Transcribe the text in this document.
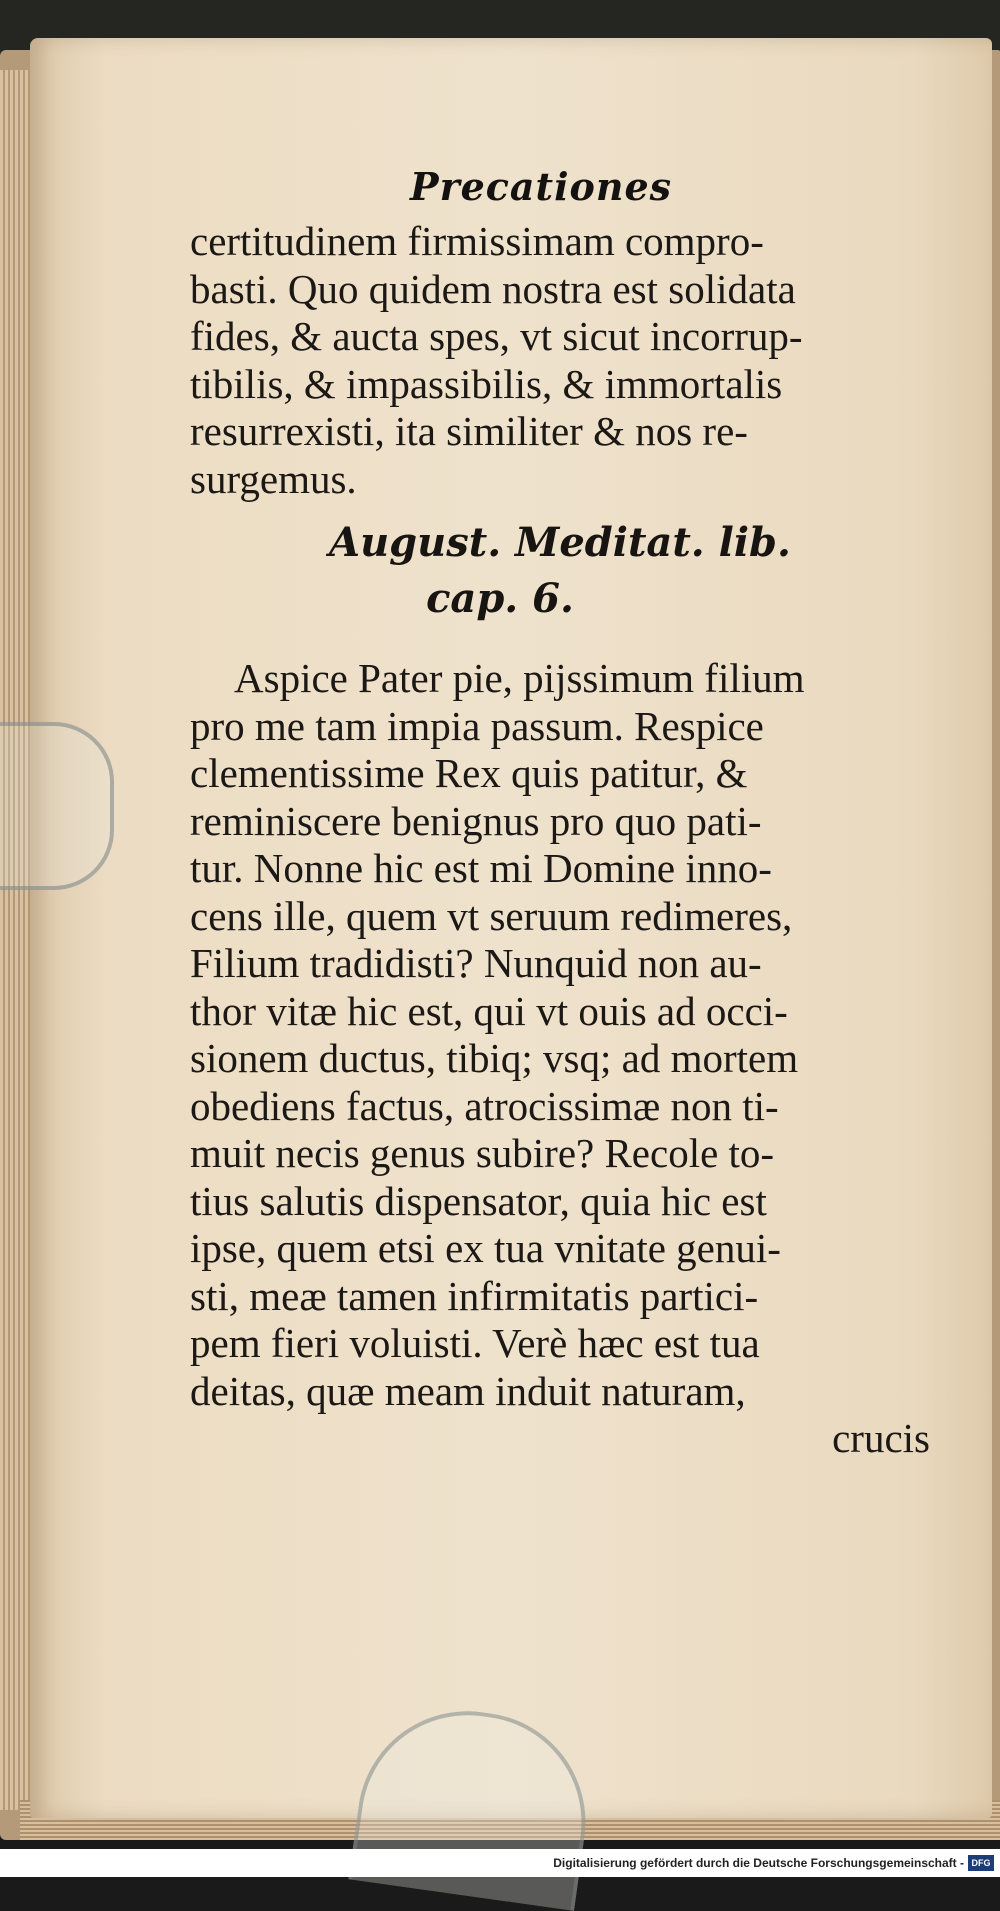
Precationes
certitudinem firmissimam compro-
basti. Quo quidem nostra est solidata
fides, & aucta spes, vt sicut incorrup-
tibilis, & impassibilis, & immortalis
resurrexisti, ita similiter & nos re-
surgemus.
August. Meditat. lib.
cap. 6.
Aspice Pater pie, pijssimum filium
pro me tam impia passum. Respice
clementissime Rex quis patitur, &
reminiscere benignus pro quo pati-
tur. Nonne hic est mi Domine inno-
cens ille, quem vt seruum redimeres,
Filium tradidisti? Nunquid non au-
thor vitæ hic est, qui vt ouis ad occi-
sionem ductus, tibiq; vsq; ad mortem
obediens factus, atrocissimæ non ti-
muit necis genus subire? Recole to-
tius salutis dispensator, quia hic est
ipse, quem etsi ex tua vnitate genui-
sti, meæ tamen infirmitatis partici-
pem fieri voluisti. Verè hæc est tua
deitas, quæ meam induit naturam,
crucis
Digitalisierung gefördert durch die Deutsche Forschungsgemeinschaft - DFG
